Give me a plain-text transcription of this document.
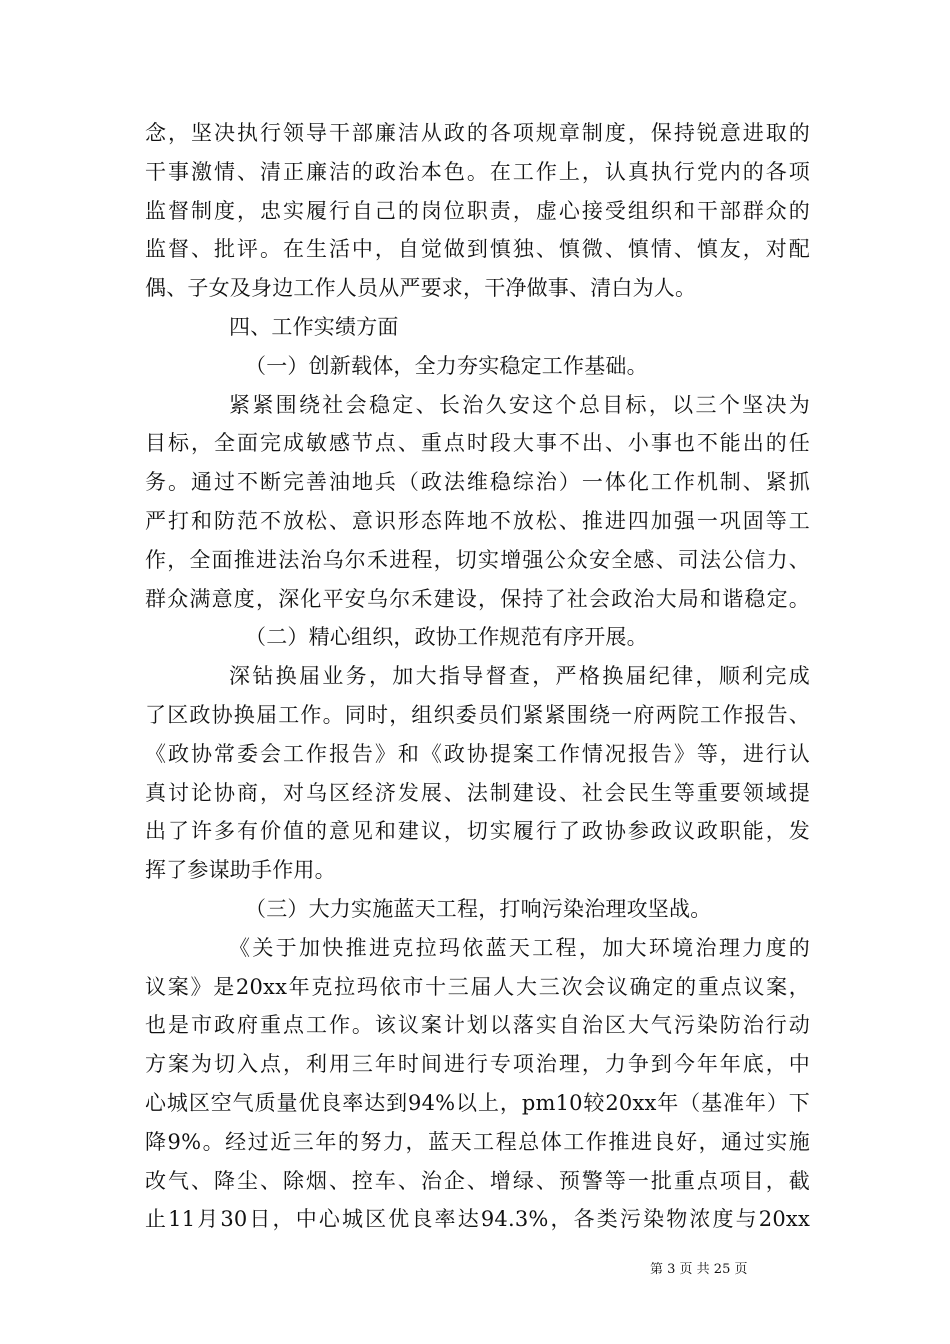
念，坚决执行领导干部廉洁从政的各项规章制度，保持锐意进取的
干事激情、清正廉洁的政治本色。在工作上，认真执行党内的各项
监督制度，忠实履行自己的岗位职责，虚心接受组织和干部群众的
监督、批评。在生活中，自觉做到慎独、慎微、慎情、慎友，对配
偶、子女及身边工作人员从严要求，干净做事、清白为人。
四、工作实绩方面
（一）创新载体，全力夯实稳定工作基础。
紧紧围绕社会稳定、长治久安这个总目标，以三个坚决为
目标，全面完成敏感节点、重点时段大事不出、小事也不能出的任
务。通过不断完善油地兵（政法维稳综治）一体化工作机制、紧抓
严打和防范不放松、意识形态阵地不放松、推进四加强一巩固等工
作，全面推进法治乌尔禾进程，切实增强公众安全感、司法公信力、
群众满意度，深化平安乌尔禾建设，保持了社会政治大局和谐稳定。
（二）精心组织，政协工作规范有序开展。
深钻换届业务，加大指导督查，严格换届纪律，顺利完成
了区政协换届工作。同时，组织委员们紧紧围绕一府两院工作报告、
《政协常委会工作报告》和《政协提案工作情况报告》等，进行认
真讨论协商，对乌区经济发展、法制建设、社会民生等重要领域提
出了许多有价值的意见和建议，切实履行了政协参政议政职能，发
挥了参谋助手作用。
（三）大力实施蓝天工程，打响污染治理攻坚战。
《关于加快推进克拉玛依蓝天工程，加大环境治理力度的
议案》是20xx年克拉玛依市十三届人大三次会议确定的重点议案，
也是市政府重点工作。该议案计划以落实自治区大气污染防治行动
方案为切入点，利用三年时间进行专项治理，力争到今年年底，中
心城区空气质量优良率达到94%以上，pm10较20xx年（基准年）下
降9%。经过近三年的努力，蓝天工程总体工作推进良好，通过实施
改气、降尘、除烟、控车、治企、增绿、预警等一批重点项目，截
止11月30日，中心城区优良率达94.3%，各类污染物浓度与20xx
第 3 页 共 25 页
